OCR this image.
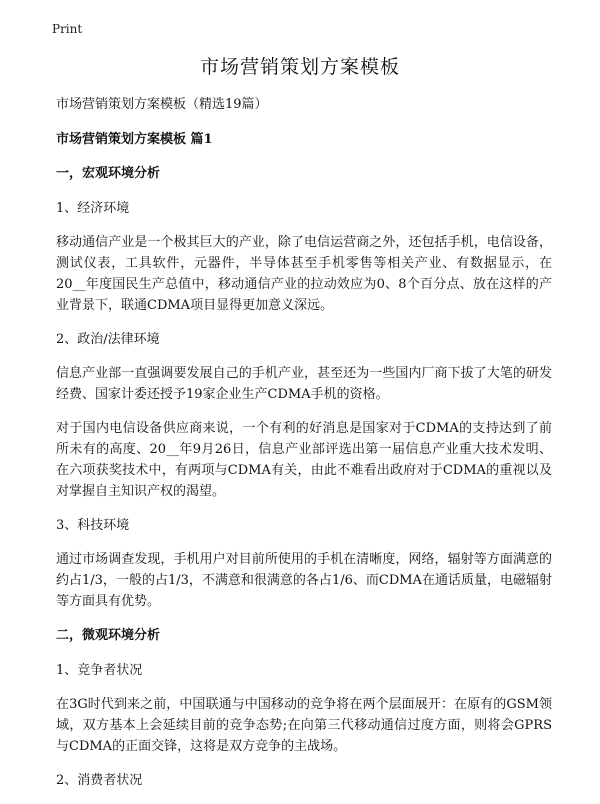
Print
市场营销策划方案模板

市场营销策划方案模板（精选19篇）

市场营销策划方案模板 篇1

一，宏观环境分析

1、经济环境

移动通信产业是一个极其巨大的产业，除了电信运营商之外，还包括手机，电信设备，测试仪表，工具软件，元器件，半导体甚至手机零售等相关产业、有数据显示，在20__年度国民生产总值中，移动通信产业的拉动效应为0、8个百分点、放在这样的产业背景下，联通CDMA项目显得更加意义深远。

2、政治/法律环境

信息产业部一直强调要发展自己的手机产业，甚至还为一些国内厂商下拔了大笔的研发经费、国家计委还授予19家企业生产CDMA手机的资格。

对于国内电信设备供应商来说，一个有利的好消息是国家对于CDMA的支持达到了前所未有的高度、20__年9月26日，信息产业部评选出第一届信息产业重大技术发明、在六项获奖技术中，有两项与CDMA有关，由此不难看出政府对于CDMA的重视以及对掌握自主知识产权的渴望。

3、科技环境

通过市场调查发现，手机用户对目前所使用的手机在清晰度，网络，辐射等方面满意的约占1/3，一般的占1/3，不满意和很满意的各占1/6、而CDMA在通话质量，电磁辐射等方面具有优势。

二，微观环境分析

1、竞争者状况

在3G时代到来之前，中国联通与中国移动的竞争将在两个层面展开：在原有的GSM领域，双方基本上会延续目前的竞争态势;在向第三代移动通信过度方面，则将会GPRS与CDMA的正面交锋，这将是双方竞争的主战场。

2、消费者状况
